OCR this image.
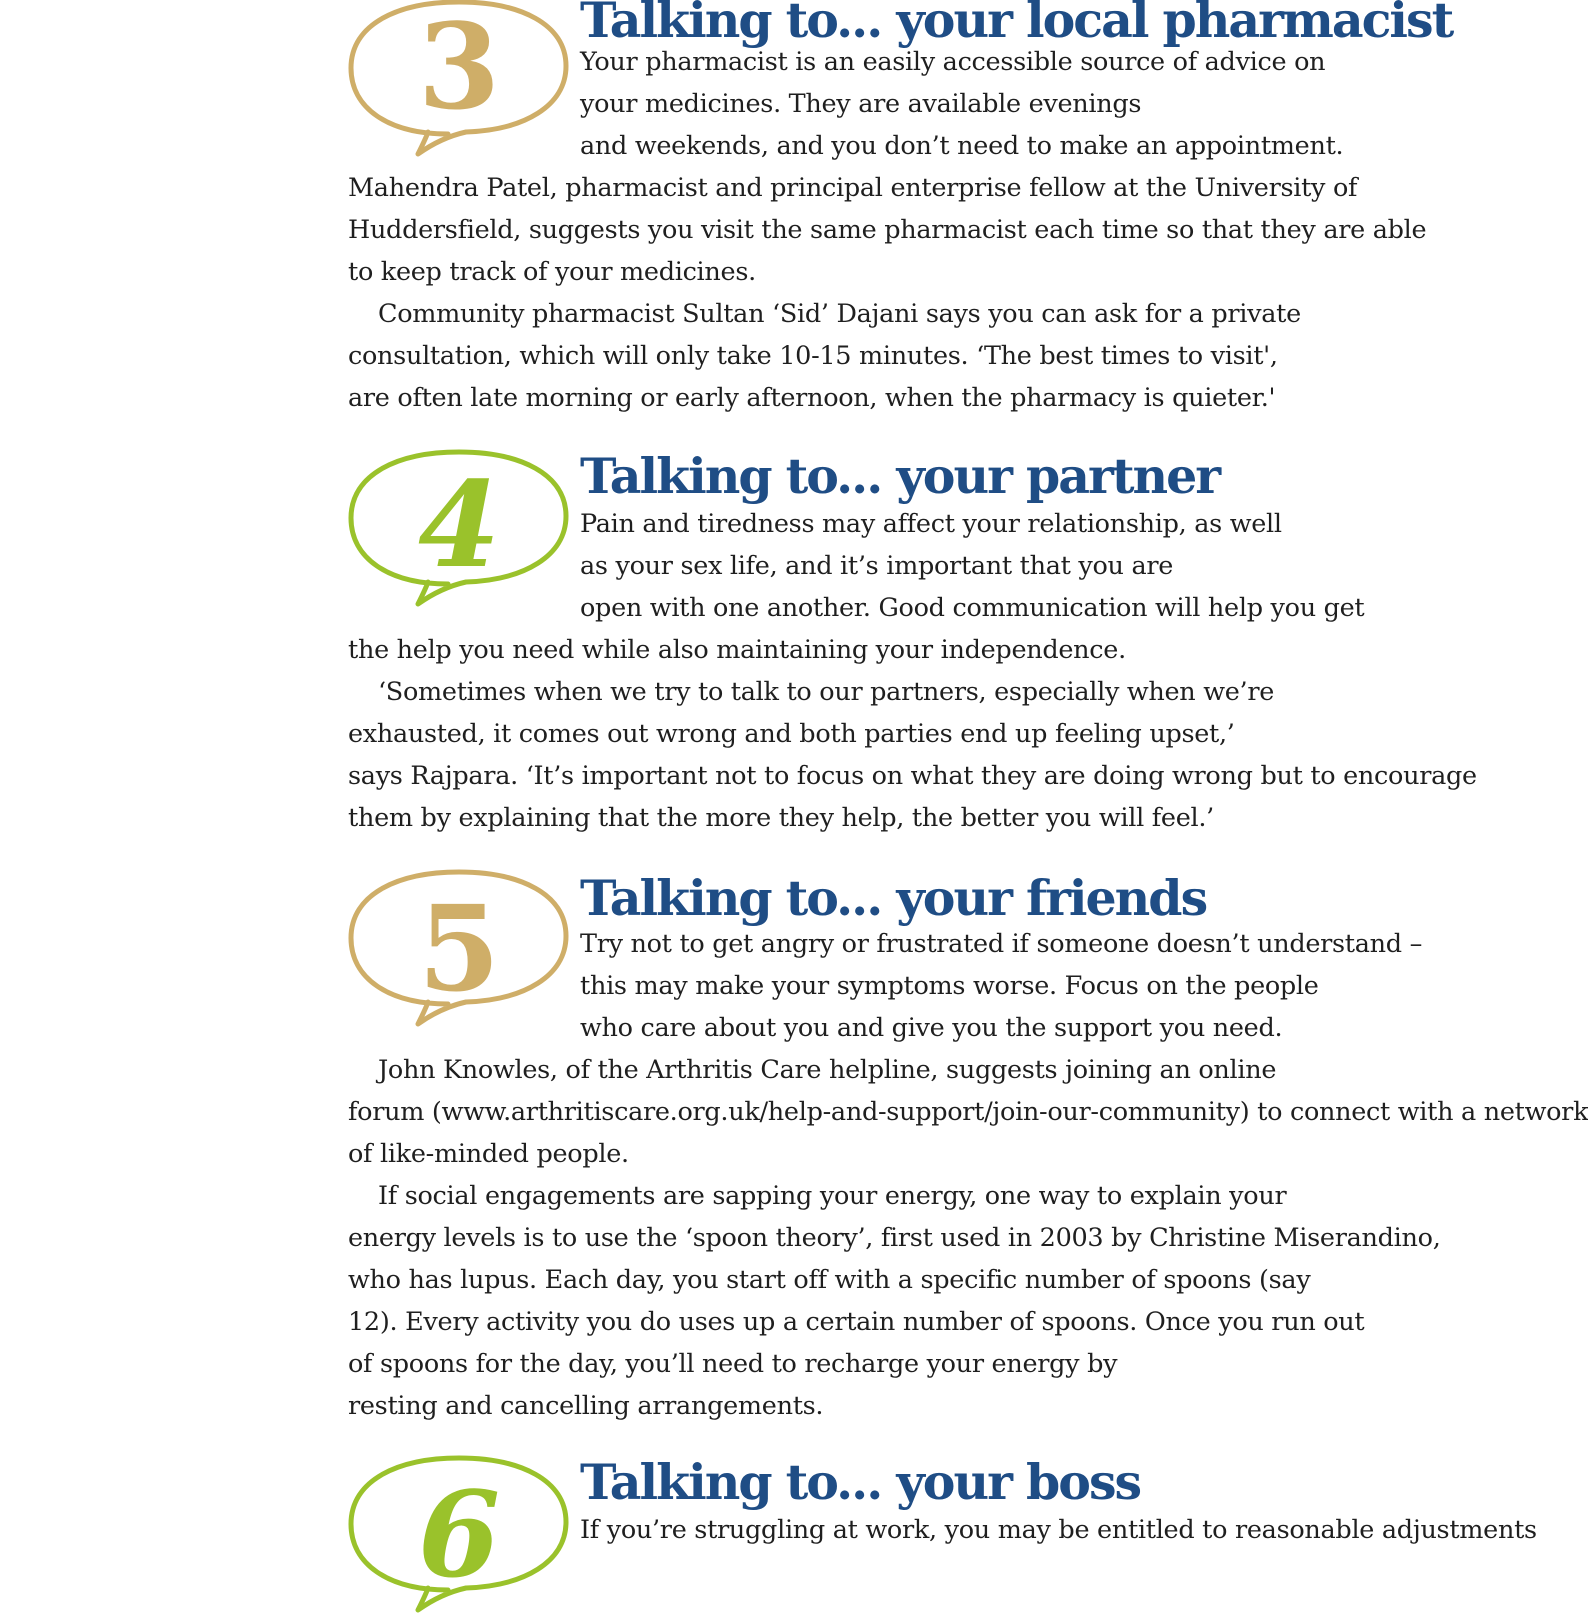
3 Talking to... your local pharmacist
Your pharmacist is an easily accessible source of advice on
your medicines. They are available evenings
and weekends, and you don’t need to make an appointment.
Mahendra Patel, pharmacist and principal enterprise fellow at the University of
Huddersfield, suggests you visit the same pharmacist each time so that they are able
to keep track of your medicines.
Community pharmacist Sultan ‘Sid’ Dajani says you can ask for a private
consultation, which will only take 10-15 minutes. ‘The best times to visit',
are often late morning or early afternoon, when the pharmacy is quieter.'
4 Talking to... your partner
Pain and tiredness may affect your relationship, as well
as your sex life, and it’s important that you are
open with one another. Good communication will help you get
the help you need while also maintaining your independence.
‘Sometimes when we try to talk to our partners, especially when we’re
exhausted, it comes out wrong and both parties end up feeling upset,’
says Rajpara. ‘It’s important not to focus on what they are doing wrong but to encourage
them by explaining that the more they help, the better you will feel.’
5 Talking to... your friends
Try not to get angry or frustrated if someone doesn’t understand –
this may make your symptoms worse. Focus on the people
who care about you and give you the support you need.
John Knowles, of the Arthritis Care helpline, suggests joining an online
forum (www.arthritiscare.org.uk/help-and-support/join-our-community) to connect with a network
of like-minded people.
If social engagements are sapping your energy, one way to explain your
energy levels is to use the ‘spoon theory’, first used in 2003 by Christine Miserandino,
who has lupus. Each day, you start off with a specific number of spoons (say
12). Every activity you do uses up a certain number of spoons. Once you run out
of spoons for the day, you’ll need to recharge your energy by
resting and cancelling arrangements.
6 Talking to... your boss
If you’re struggling at work, you may be entitled to reasonable adjustments
